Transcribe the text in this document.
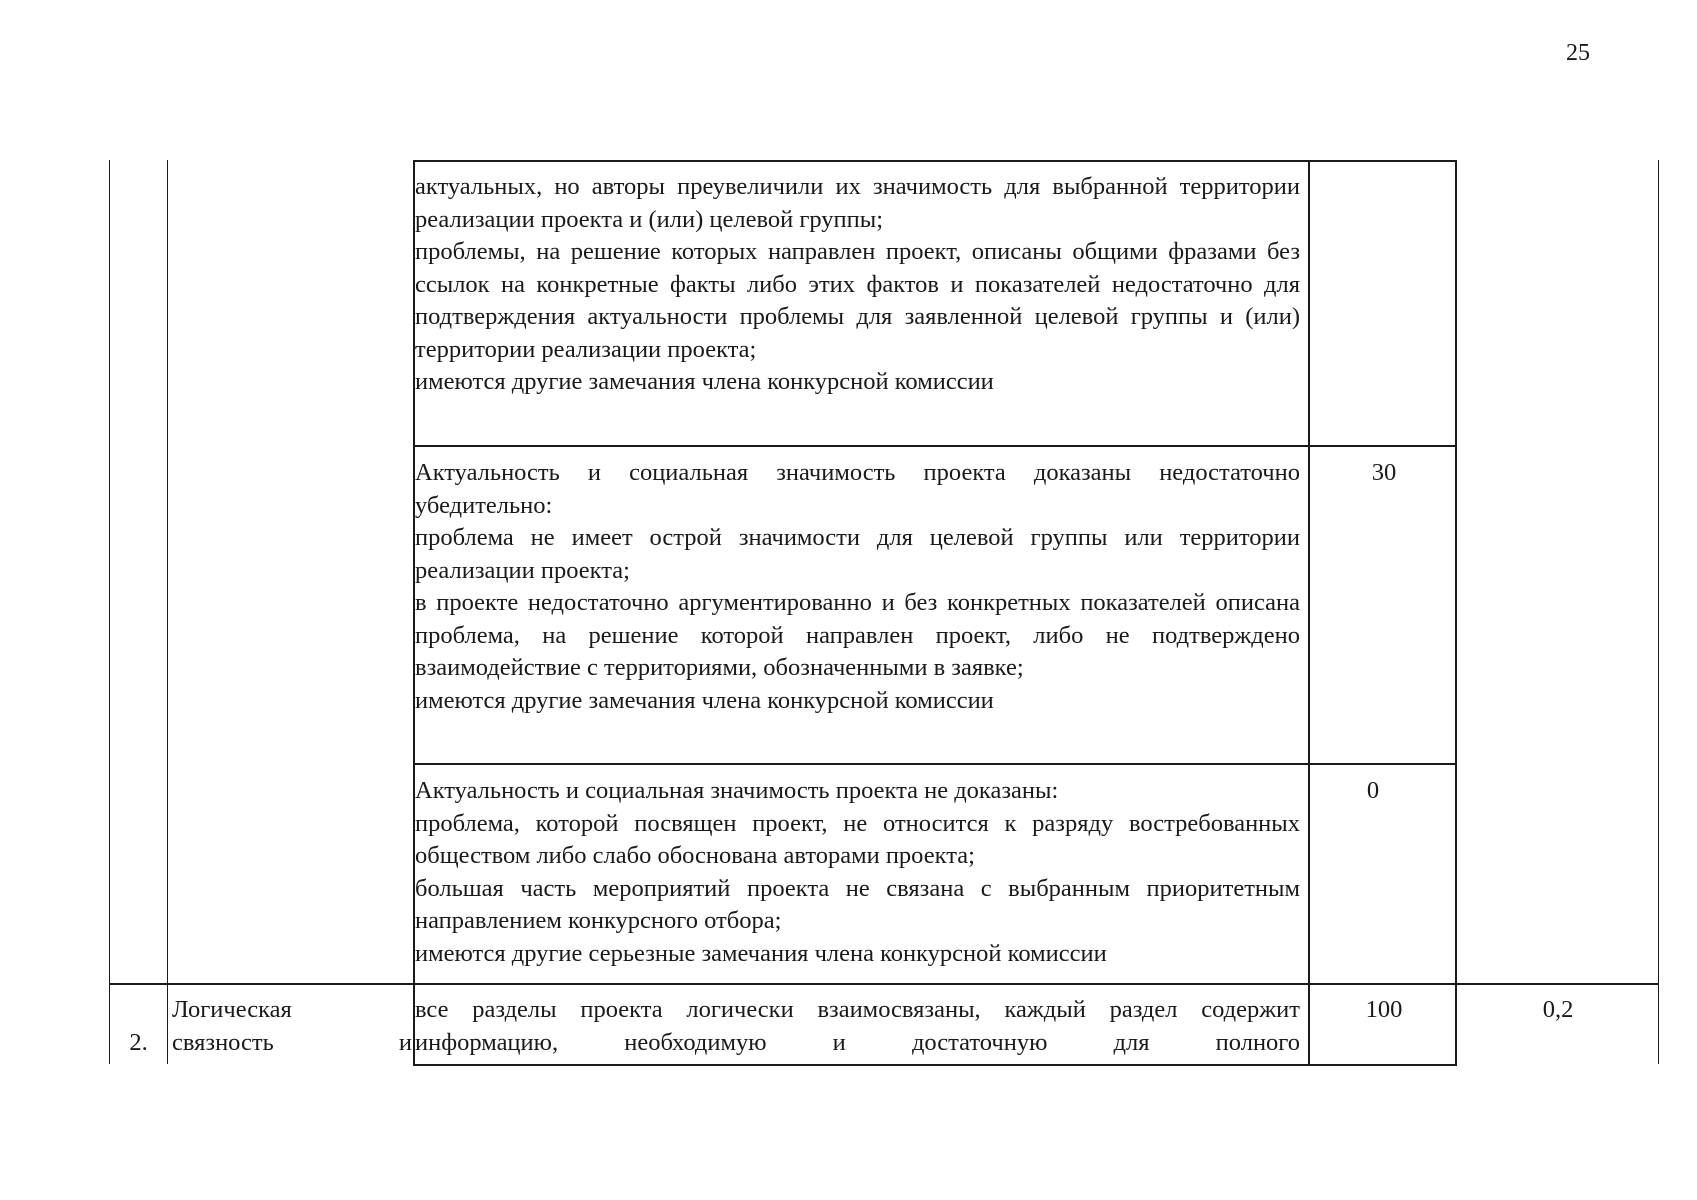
25
актуальных, но авторы преувеличили их значимость для выбранной территории реализации проекта и (или) целевой группы;
проблемы, на решение которых направлен проект, описаны общими фразами без ссылок на конкретные факты либо этих фактов и показателей недостаточно для подтверждения актуальности проблемы для заявленной целевой группы и (или) территории реализации проекта;
имеются другие замечания члена конкурсной комиссии
Актуальность и социальная значимость проекта доказаны недостаточно убедительно:
проблема не имеет острой значимости для целевой группы или территории реализации проекта;
в проекте недостаточно аргументированно и без конкретных показателей описана проблема, на решение которой направлен проект, либо не подтверждено взаимодействие с территориями, обозначенными в заявке;
имеются другие замечания члена конкурсной комиссии
30
Актуальность и социальная значимость проекта не доказаны:
проблема, которой посвящен проект, не относится к разряду востребованных обществом либо слабо обоснована авторами проекта;
большая часть мероприятий проекта не связана с выбранным приоритетным направлением конкурсного отбора;
имеются другие серьезные замечания члена конкурсной комиссии
0
2.
Логическая
связность	и
все разделы проекта логически взаимосвязаны, каждый раздел содержит информацию, необходимую и достаточную для полного
100	0,2
